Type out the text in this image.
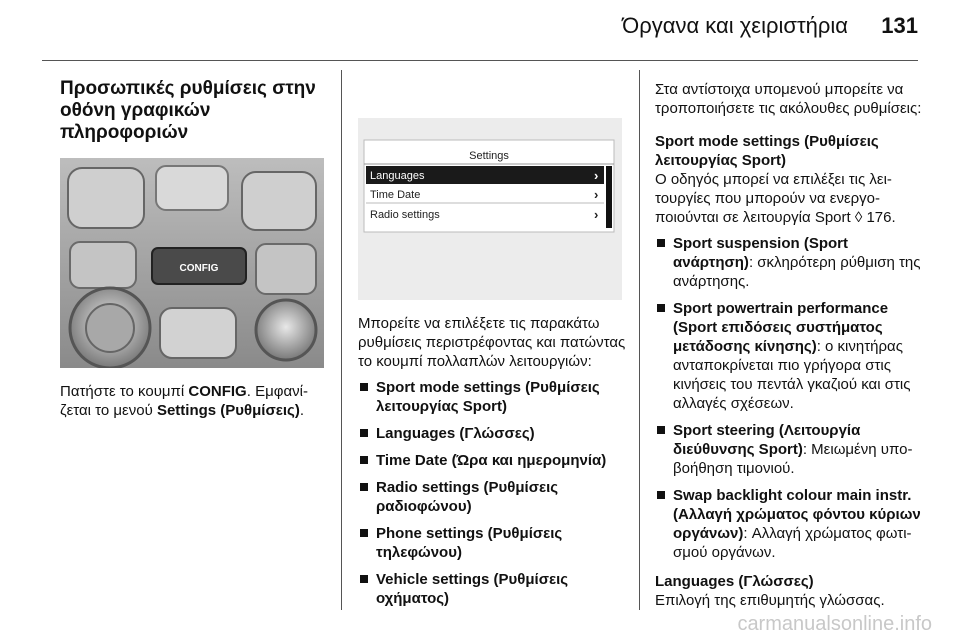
Όργανα και χειριστήρια 131
Προσωπικές ρυθμίσεις στην οθόνη γραφικών πληροφοριών
CONFIG

Πατήστε το κουμπί CONFIG. Εμφανίζεται το μενού Settings (Ρυθμίσεις).

Settings
Languages	›
Time Date	›
Radio settings	›

Μπορείτε να επιλέξετε τις παρακάτω ρυθμίσεις περιστρέφοντας και πατώντας το κουμπί πολλαπλών λειτουργιών:

Sport mode settings (Ρυθμίσεις λειτουργίας Sport)
Languages (Γλώσσες)
Time Date (Ώρα και ημερομηνία)
Radio settings (Ρυθμίσεις ραδιοφώνου)
Phone settings (Ρυθμίσεις τηλεφώνου)
Vehicle settings (Ρυθμίσεις οχήματος)

Στα αντίστοιχα υπομενού μπορείτε να τροποποιήσετε τις ακόλουθες ρυθμίσεις:

Sport mode settings (Ρυθμίσεις λειτουργίας Sport)

Ο οδηγός μπορεί να επιλέξει τις λειτουργίες που μπορούν να ενεργοποιούνται σε λειτουργία Sport ◊ 176.

Sport suspension (Sport ανάρτηση): σκληρότερη ρύθμιση της ανάρτησης.
Sport powertrain performance (Sport επιδόσεις συστήματος μετάδοσης κίνησης): ο κινητήρας ανταποκρίνεται πιο γρήγορα στις κινήσεις του πεντάλ γκαζιού και στις αλλαγές σχέσεων.
Sport steering (Λειτουργία διεύθυνσης Sport): Μειωμένη υποβοήθηση τιμονιού.
Swap backlight colour main instr. (Αλλαγή χρώματος φόντου κύριων οργάνων): Αλλαγή χρώματος φωτισμού οργάνων.

Languages (Γλώσσες)

Επιλογή της επιθυμητής γλώσσας.

carmanualsonline.info
